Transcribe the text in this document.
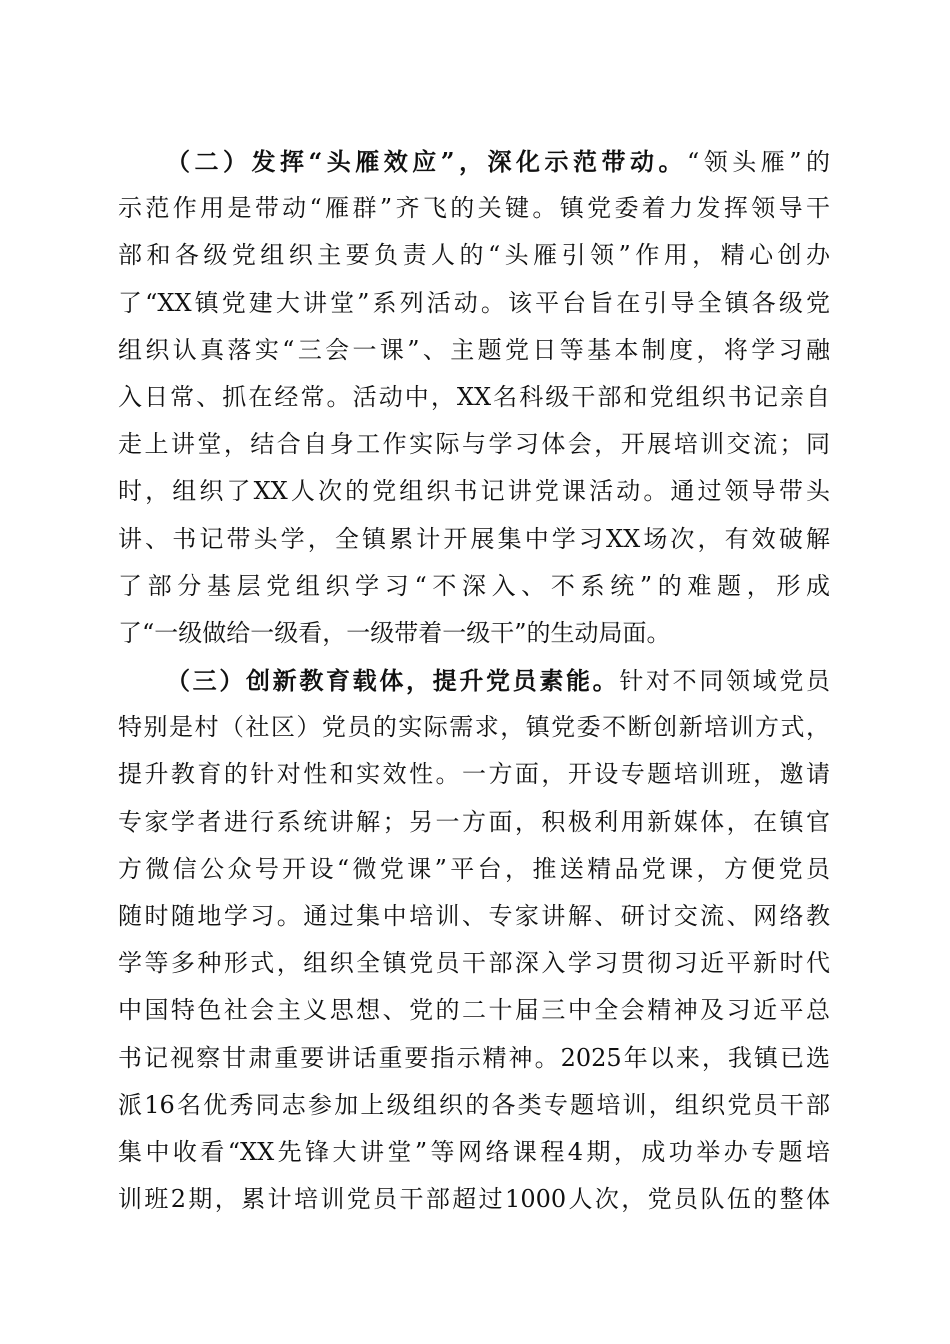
（二）发挥“头雁效应”，深化示范带动。“领头雁”的
示范作用是带动“雁群”齐飞的关键。镇党委着力发挥领导干
部和各级党组织主要负责人的“头雁引领”作用，精心创办
了“XX镇党建大讲堂”系列活动。该平台旨在引导全镇各级党
组织认真落实“三会一课”、主题党日等基本制度，将学习融
入日常、抓在经常。活动中，XX名科级干部和党组织书记亲自
走上讲堂，结合自身工作实际与学习体会，开展培训交流；同
时，组织了XX人次的党组织书记讲党课活动。通过领导带头
讲、书记带头学，全镇累计开展集中学习XX场次，有效破解
了部分基层党组织学习“不深入、不系统”的难题，形成
了“一级做给一级看，一级带着一级干”的生动局面。
（三）创新教育载体，提升党员素能。针对不同领域党员
特别是村（社区）党员的实际需求，镇党委不断创新培训方式，
提升教育的针对性和实效性。一方面，开设专题培训班，邀请
专家学者进行系统讲解；另一方面，积极利用新媒体，在镇官
方微信公众号开设“微党课”平台，推送精品党课，方便党员
随时随地学习。通过集中培训、专家讲解、研讨交流、网络教
学等多种形式，组织全镇党员干部深入学习贯彻习近平新时代
中国特色社会主义思想、党的二十届三中全会精神及习近平总
书记视察甘肃重要讲话重要指示精神。2025年以来，我镇已选
派16名优秀同志参加上级组织的各类专题培训，组织党员干部
集中收看“XX先锋大讲堂”等网络课程4期，成功举办专题培
训班2期，累计培训党员干部超过1000人次，党员队伍的整体
